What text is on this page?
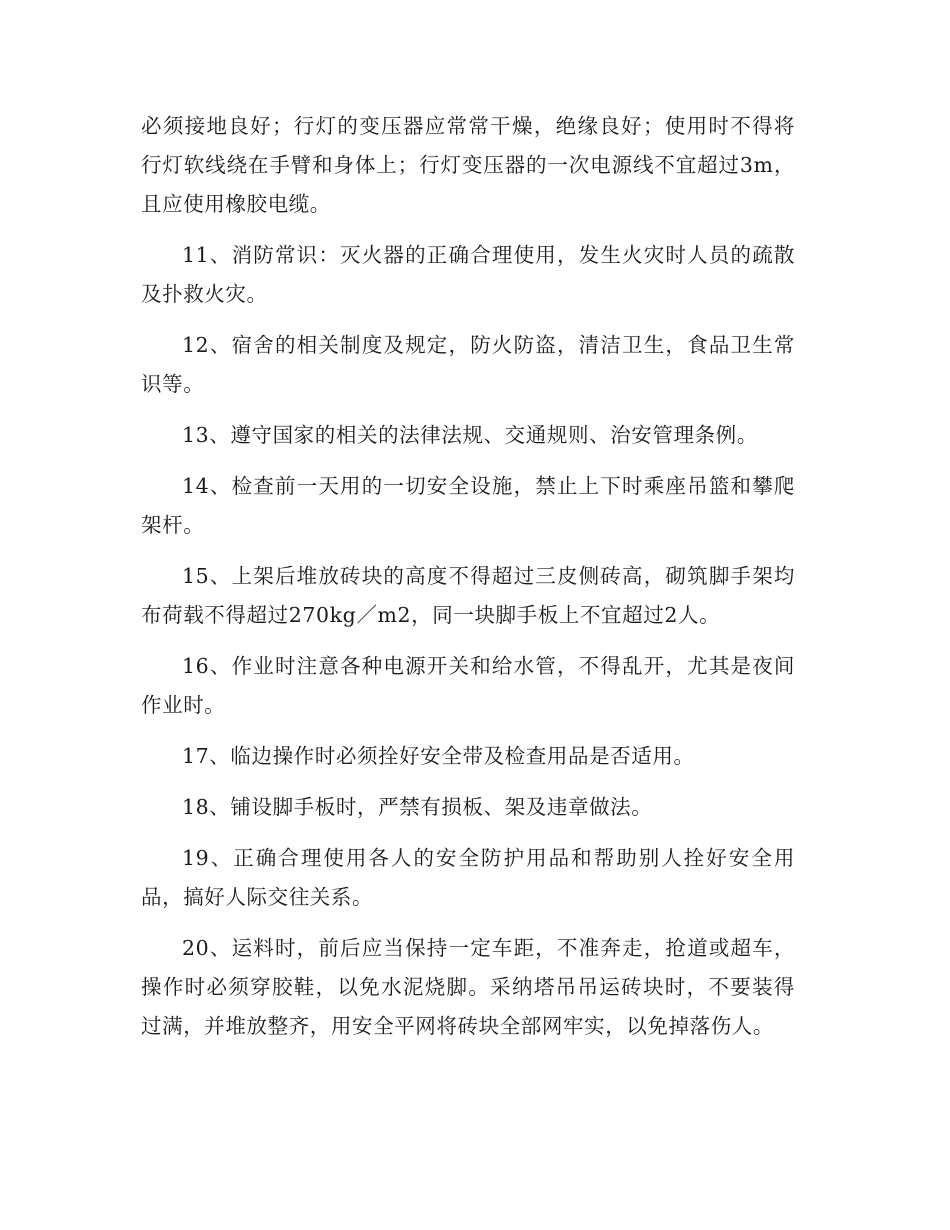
必须接地良好；行灯的变压器应常常干燥，绝缘良好；使用时不得将行灯软线绕在手臂和身体上；行灯变压器的一次电源线不宜超过3m，且应使用橡胶电缆。

11、消防常识：灭火器的正确合理使用，发生火灾时人员的疏散及扑救火灾。

12、宿舍的相关制度及规定，防火防盗，清洁卫生，食品卫生常识等。

13、遵守国家的相关的法律法规、交通规则、治安管理条例。

14、检查前一天用的一切安全设施，禁止上下时乘座吊篮和攀爬架杆。

15、上架后堆放砖块的高度不得超过三皮侧砖高，砌筑脚手架均布荷载不得超过270kg／m2，同一块脚手板上不宜超过2人。

16、作业时注意各种电源开关和给水管，不得乱开，尤其是夜间作业时。

17、临边操作时必须拴好安全带及检查用品是否适用。

18、铺设脚手板时，严禁有损板、架及违章做法。

19、正确合理使用各人的安全防护用品和帮助别人拴好安全用品，搞好人际交往关系。

20、运料时，前后应当保持一定车距，不准奔走，抢道或超车，操作时必须穿胶鞋，以免水泥烧脚。采纳塔吊吊运砖块时，不要装得过满，并堆放整齐，用安全平网将砖块全部网牢实，以免掉落伤人。
